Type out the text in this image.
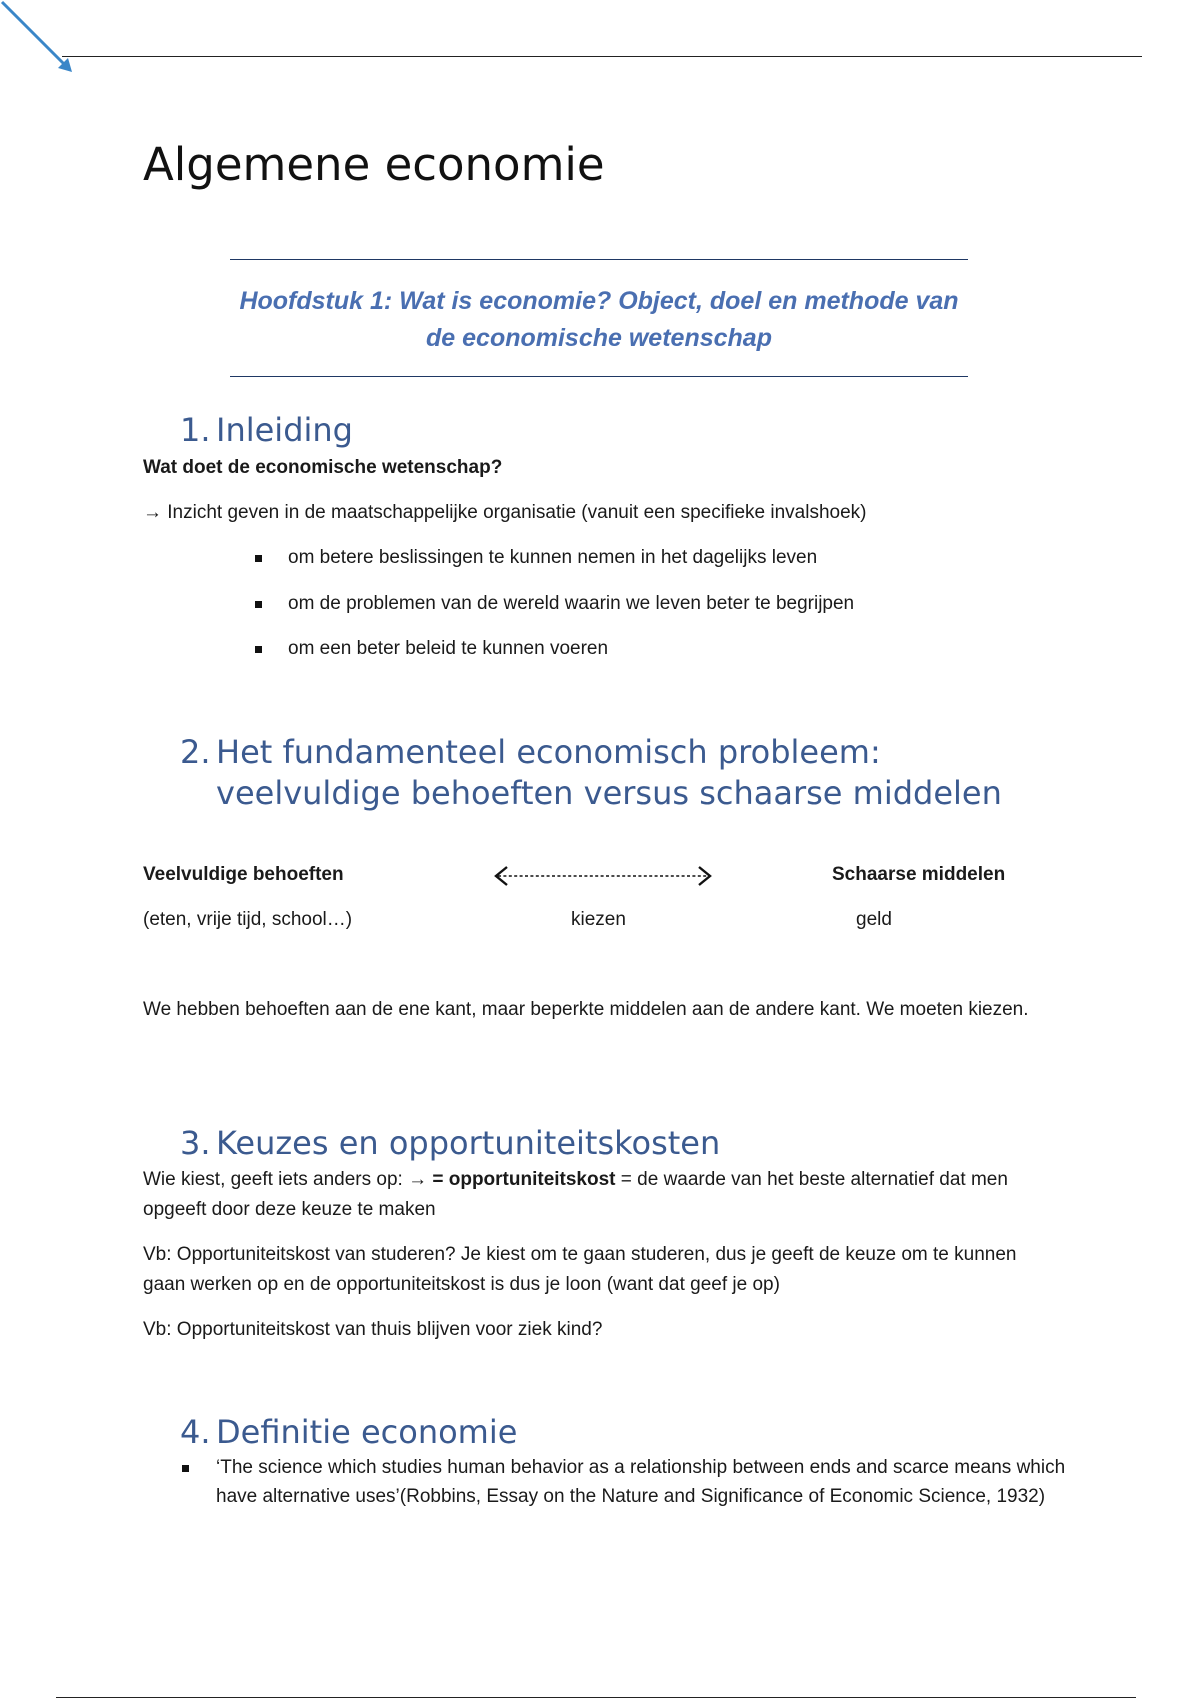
Algemene economie

Hoofdstuk 1: Wat is economie? Object, doel en methode van
de economische wetenschap

1. Inleiding

Wat doet de economische wetenschap?

→ Inzicht geven in de maatschappelijke organisatie (vanuit een specifieke invalshoek)

om betere beslissingen te kunnen nemen in het dagelijks leven

om de problemen van de wereld waarin we leven beter te begrijpen

om een beter beleid te kunnen voeren

2. Het fundamenteel economisch probleem:
veelvuldige behoeften versus schaarse middelen

Veelvuldige behoeften	Schaarse middelen

(eten, vrije tijd, school…)	kiezen	geld

We hebben behoeften aan de ene kant, maar beperkte middelen aan de andere kant. We moeten kiezen.

3. Keuzes en opportuniteitskosten

Wie kiest, geeft iets anders op: → = opportuniteitskost = de waarde van het beste alternatief dat men opgeeft door deze keuze te maken

Vb: Opportuniteitskost van studeren? Je kiest om te gaan studeren, dus je geeft de keuze om te kunnen gaan werken op en de opportuniteitskost is dus je loon (want dat geef je op)

Vb: Opportuniteitskost van thuis blijven voor ziek kind?

4. Definitie economie

‘The science which studies human behavior as a relationship between ends and scarce means which have alternative uses’(Robbins, Essay on the Nature and Significance of Economic Science, 1932)
